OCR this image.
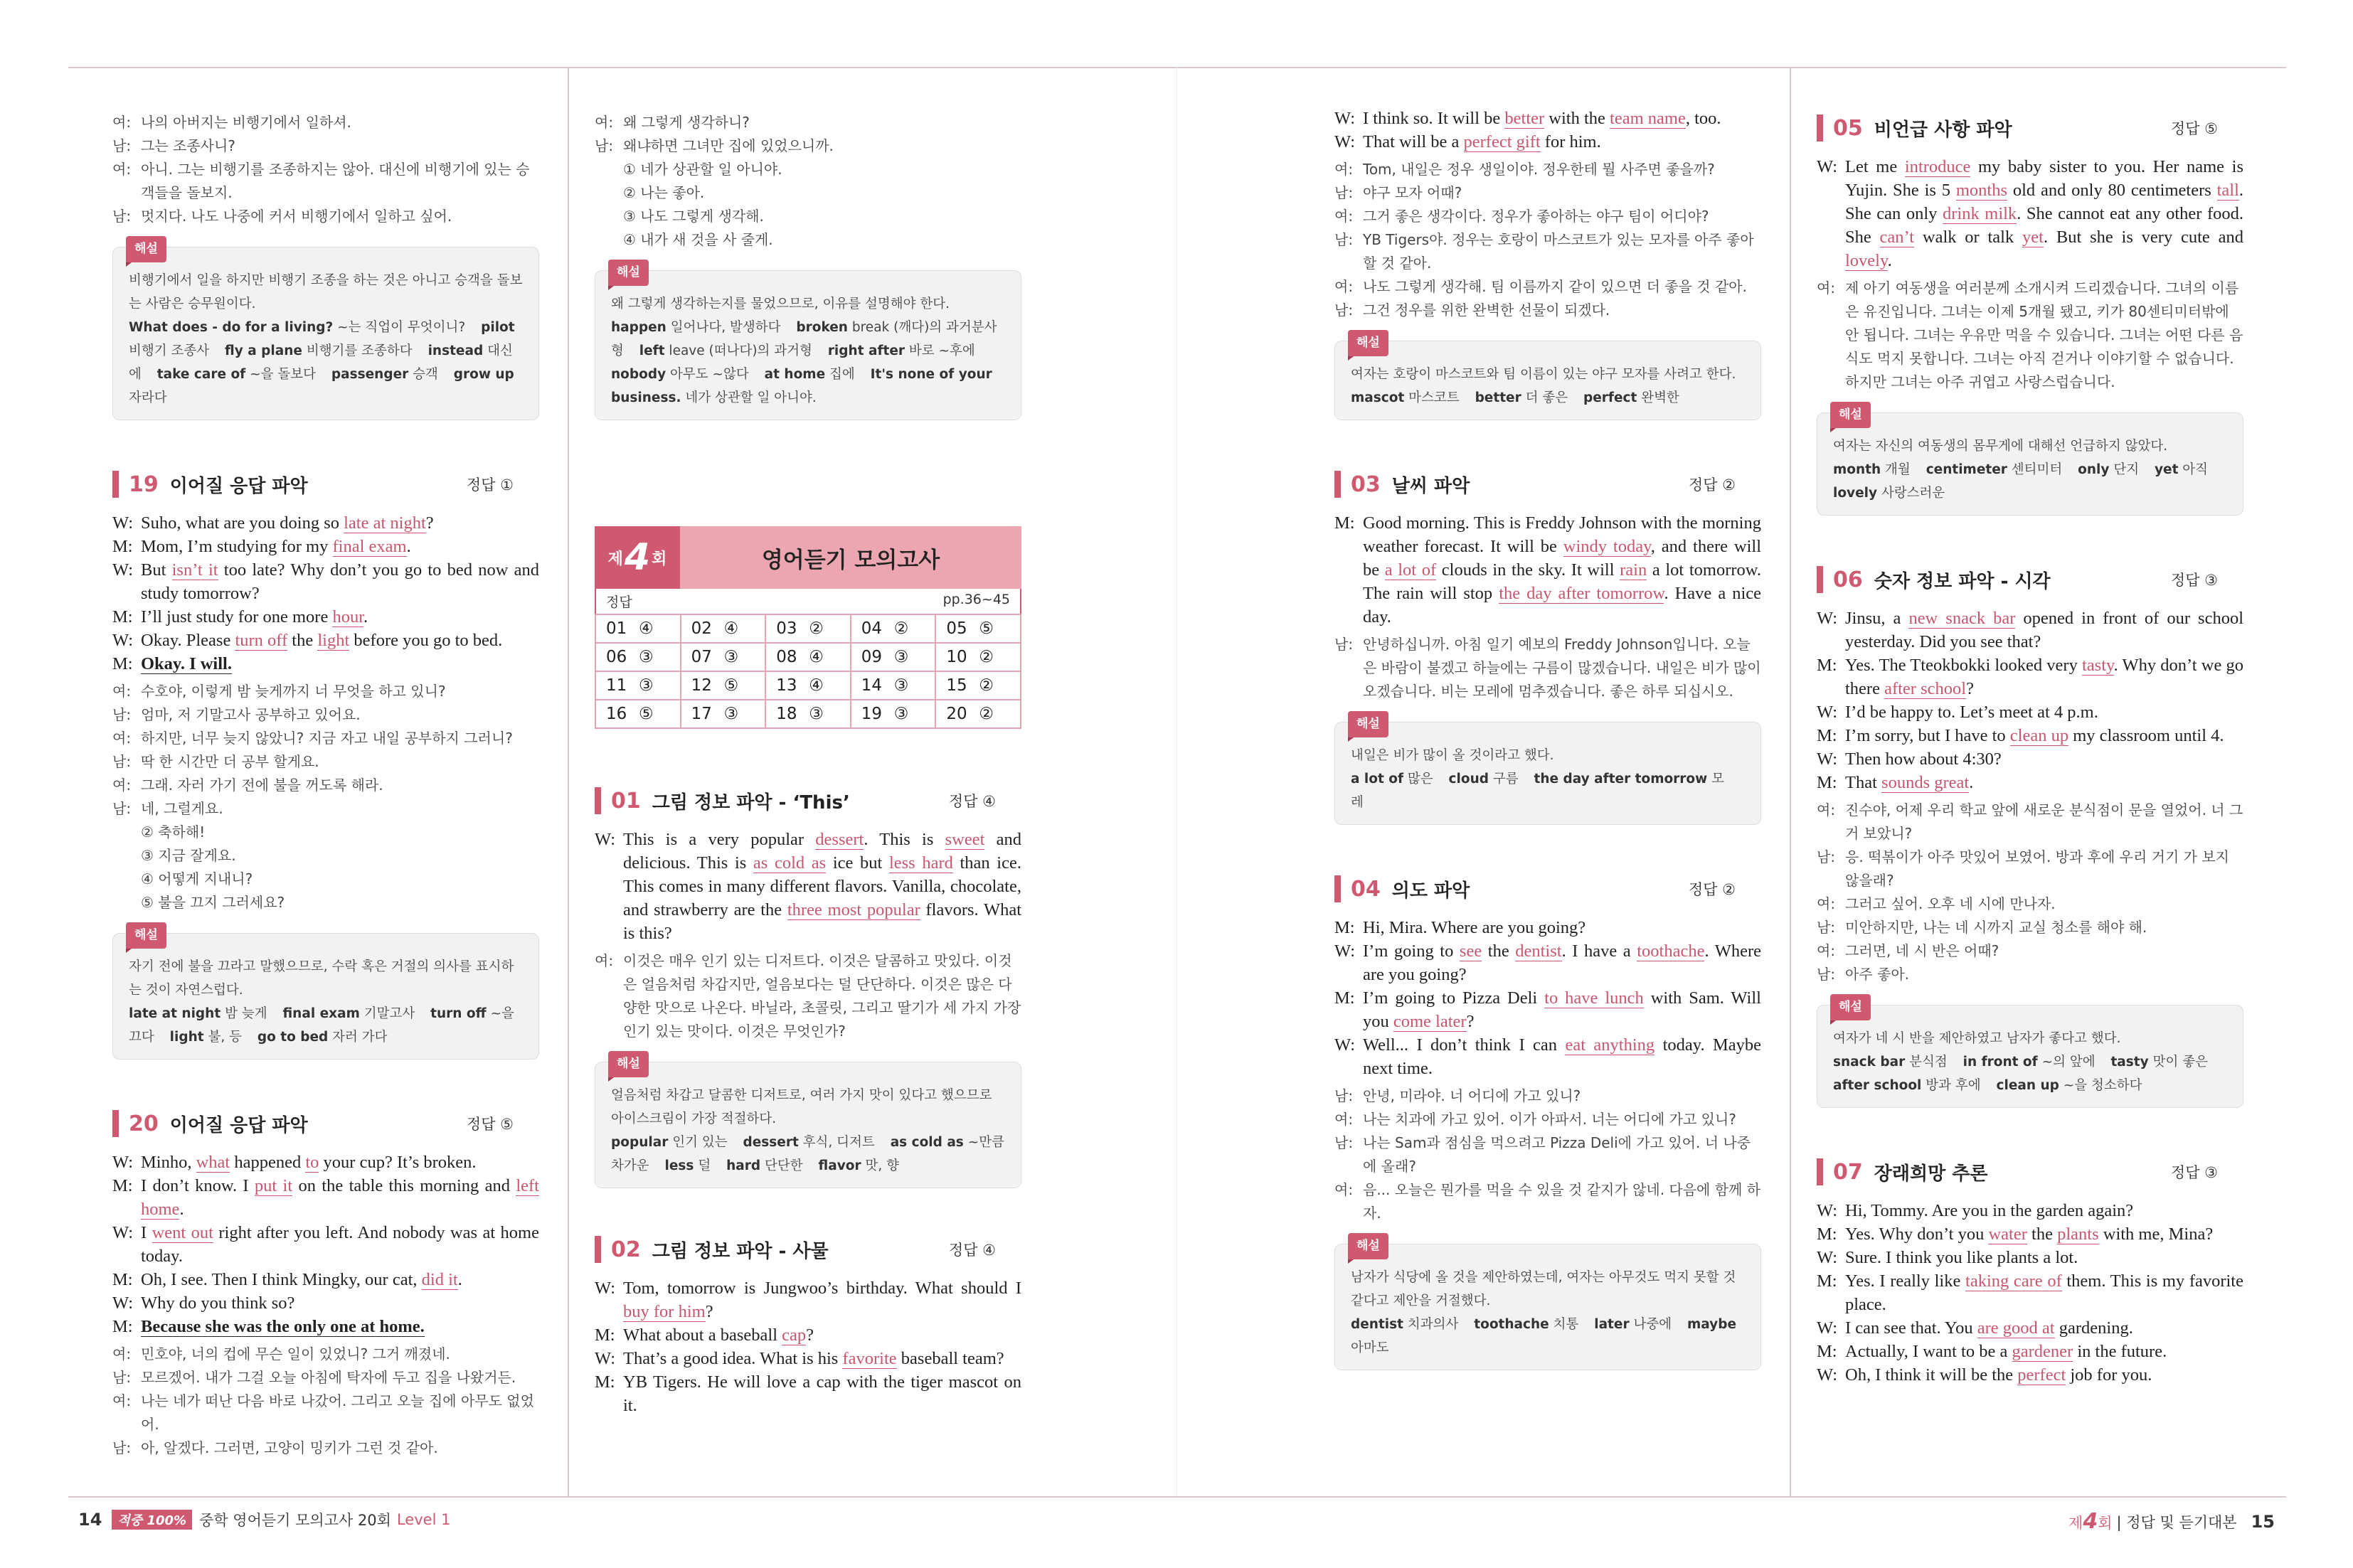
여: 나의 아버지는 비행기에서 일하셔.
남: 그는 조종사니?
여: 아니. 그는 비행기를 조종하지는 않아. 대신에 비행기에 있는 승객들을 돌보지.
남: 멋지다. 나도 나중에 커서 비행기에서 일하고 싶어.
해설
비행기에서 일을 하지만 비행기 조종을 하는 것은 아니고 승객을 돌보는 사람은 승무원이다.
What does - do for a living? ~는 직업이 무엇이니? pilot 비행기 조종사 fly a plane 비행기를 조종하다 instead 대신에 take care of ~을 돌보다 passenger 승객 grow up 자라다
19 이어질 응답 파악	정답 ①
W: Suho, what are you doing so late at night?
M: Mom, I’m studying for my final exam.
W: But isn’t it too late? Why don’t you go to bed now and study tomorrow?
M: I’ll just study for one more hour.
W: Okay. Please turn off the light before you go to bed.
M: Okay. I will.
여: 수호야, 이렇게 밤 늦게까지 너 무엇을 하고 있니?
남: 엄마, 저 기말고사 공부하고 있어요.
여: 하지만, 너무 늦지 않았니? 지금 자고 내일 공부하지 그러니?
남: 딱 한 시간만 더 공부 할게요.
여: 그래. 자러 가기 전에 불을 꺼도록 해라.
남: 네, 그럴게요.
② 축하해!
③ 지금 잘게요.
④ 어떻게 지내니?
⑤ 불을 끄지 그러세요?
해설
자기 전에 불을 끄라고 말했으므로, 수락 혹은 거절의 의사를 표시하는 것이 자연스럽다.
late at night 밤 늦게 final exam 기말고사 turn off ~을 끄다 light 불, 등 go to bed 자러 가다
20 이어질 응답 파악	정답 ⑤
W: Minho, what happened to your cup? It’s broken.
M: I don’t know. I put it on the table this morning and left home.
W: I went out right after you left. And nobody was at home today.
M: Oh, I see. Then I think Mingky, our cat, did it.
W: Why do you think so?
M: Because she was the only one at home.
여: 민호야, 너의 컵에 무슨 일이 있었니? 그거 깨졌네.
남: 모르겠어. 내가 그걸 오늘 아침에 탁자에 두고 집을 나왔거든.
여: 나는 네가 떠난 다음 바로 나갔어. 그리고 오늘 집에 아무도 없었어.
남: 아, 알겠다. 그러면, 고양이 밍키가 그런 것 같아.
여: 왜 그렇게 생각하니?
남: 왜냐하면 그녀만 집에 있었으니까.
① 네가 상관할 일 아니야.
② 나는 좋아.
③ 나도 그렇게 생각해.
④ 내가 새 것을 사 줄게.
해설
왜 그렇게 생각하는지를 물었으므로, 이유를 설명해야 한다.
happen 일어나다, 발생하다 broken break (깨다)의 과거분사형 left leave (떠나다)의 과거형 right after 바로 ~후에 nobody 아무도 ~않다 at home 집에 It's none of your business. 네가 상관할 일 아니야.
제 4 회	영어듣기 모의고사
정답	pp.36~45
01 ④	02 ④	03 ②	04 ②	05 ⑤
06 ③	07 ③	08 ④	09 ③	10 ②
11 ③	12 ⑤	13 ④	14 ③	15 ②
16 ⑤	17 ③	18 ③	19 ③	20 ②
01 그림 정보 파악 - ‘This’	정답 ④
W: This is a very popular dessert. This is sweet and delicious. This is as cold as ice but less hard than ice. This comes in many different flavors. Vanilla, chocolate, and strawberry are the three most popular flavors. What is this?
여: 이것은 매우 인기 있는 디저트다. 이것은 달콤하고 맛있다. 이것은 얼음처럼 차갑지만, 얼음보다는 덜 단단하다. 이것은 많은 다양한 맛으로 나온다. 바닐라, 초콜릿, 그리고 딸기가 세 가지 가장 인기 있는 맛이다. 이것은 무엇인가?
해설
얼음처럼 차갑고 달콤한 디저트로, 여러 가지 맛이 있다고 했으므로 아이스크림이 가장 적절하다.
popular 인기 있는 dessert 후식, 디저트 as cold as ~만큼 차가운 less 덜 hard 단단한 flavor 맛, 향
02 그림 정보 파악 - 사물	정답 ④
W: Tom, tomorrow is Jungwoo’s birthday. What should I buy for him?
M: What about a baseball cap?
W: That’s a good idea. What is his favorite baseball team?
M: YB Tigers. He will love a cap with the tiger mascot on it.
W: I think so. It will be better with the team name, too.
W: That will be a perfect gift for him.
여: Tom, 내일은 정우 생일이야. 정우한테 뭘 사주면 좋을까?
남: 야구 모자 어때?
여: 그거 좋은 생각이다. 정우가 좋아하는 야구 팀이 어디야?
남: YB Tigers야. 정우는 호랑이 마스코트가 있는 모자를 아주 좋아할 것 같아.
여: 나도 그렇게 생각해. 팀 이름까지 같이 있으면 더 좋을 것 같아.
남: 그건 정우를 위한 완벽한 선물이 되겠다.
해설
여자는 호랑이 마스코트와 팀 이름이 있는 야구 모자를 사려고 한다.
mascot 마스코트 better 더 좋은 perfect 완벽한
03 날씨 파악	정답 ②
M: Good morning. This is Freddy Johnson with the morning weather forecast. It will be windy today, and there will be a lot of clouds in the sky. It will rain a lot tomorrow. The rain will stop the day after tomorrow. Have a nice day.
남: 안녕하십니까. 아침 일기 예보의 Freddy Johnson입니다. 오늘은 바람이 불겠고 하늘에는 구름이 많겠습니다. 내일은 비가 많이 오겠습니다. 비는 모레에 멈추겠습니다. 좋은 하루 되십시오.
해설
내일은 비가 많이 올 것이라고 했다.
a lot of 많은 cloud 구름 the day after tomorrow 모레
04 의도 파악	정답 ②
M: Hi, Mira. Where are you going?
W: I’m going to see the dentist. I have a toothache. Where are you going?
M: I’m going to Pizza Deli to have lunch with Sam. Will you come later?
W: Well... I don’t think I can eat anything today. Maybe next time.
남: 안녕, 미라야. 너 어디에 가고 있니?
여: 나는 치과에 가고 있어. 이가 아파서. 너는 어디에 가고 있니?
남: 나는 Sam과 점심을 먹으려고 Pizza Deli에 가고 있어. 너 나중에 올래?
여: 음... 오늘은 뭔가를 먹을 수 있을 것 같지가 않네. 다음에 함께 하자.
해설
남자가 식당에 올 것을 제안하였는데, 여자는 아무것도 먹지 못할 것 같다고 제안을 거절했다.
dentist 치과의사 toothache 치통 later 나중에 maybe 아마도
05 비언급 사항 파악	정답 ⑤
W: Let me introduce my baby sister to you. Her name is Yujin. She is 5 months old and only 80 centimeters tall. She can only drink milk. She cannot eat any other food. She can’t walk or talk yet. But she is very cute and lovely.
여: 제 아기 여동생을 여러분께 소개시켜 드리겠습니다. 그녀의 이름은 유진입니다. 그녀는 이제 5개월 됐고, 키가 80센티미터밖에 안 됩니다. 그녀는 우유만 먹을 수 있습니다. 그녀는 어떤 다른 음식도 먹지 못합니다. 그녀는 아직 걷거나 이야기할 수 없습니다. 하지만 그녀는 아주 귀엽고 사랑스럽습니다.
해설
여자는 자신의 여동생의 몸무게에 대해선 언급하지 않았다.
month 개월 centimeter 센티미터 only 단지 yet 아직 lovely 사랑스러운
06 숫자 정보 파악 - 시각	정답 ③
W: Jinsu, a new snack bar opened in front of our school yesterday. Did you see that?
M: Yes. The Tteokbokki looked very tasty. Why don’t we go there after school?
W: I’d be happy to. Let’s meet at 4 p.m.
M: I’m sorry, but I have to clean up my classroom until 4.
W: Then how about 4:30?
M: That sounds great.
여: 진수야, 어제 우리 학교 앞에 새로운 분식점이 문을 열었어. 너 그거 보았니?
남: 응. 떡볶이가 아주 맛있어 보였어. 방과 후에 우리 거기 가 보지 않을래?
여: 그러고 싶어. 오후 네 시에 만나자.
남: 미안하지만, 나는 네 시까지 교실 청소를 해야 해.
여: 그러면, 네 시 반은 어때?
남: 아주 좋아.
해설
여자가 네 시 반을 제안하였고 남자가 좋다고 했다.
snack bar 분식점 in front of ~의 앞에 tasty 맛이 좋은 after school 방과 후에 clean up ~을 청소하다
07 장래희망 추론	정답 ③
W: Hi, Tommy. Are you in the garden again?
M: Yes. Why don’t you water the plants with me, Mina?
W: Sure. I think you like plants a lot.
M: Yes. I really like taking care of them. This is my favorite place.
W: I can see that. You are good at gardening.
M: Actually, I want to be a gardener in the future.
W: Oh, I think it will be the perfect job for you.
14	적중 100% 중학 영어듣기 모의고사 20회 Level 1	제4회 | 정답 및 듣기대본 15
